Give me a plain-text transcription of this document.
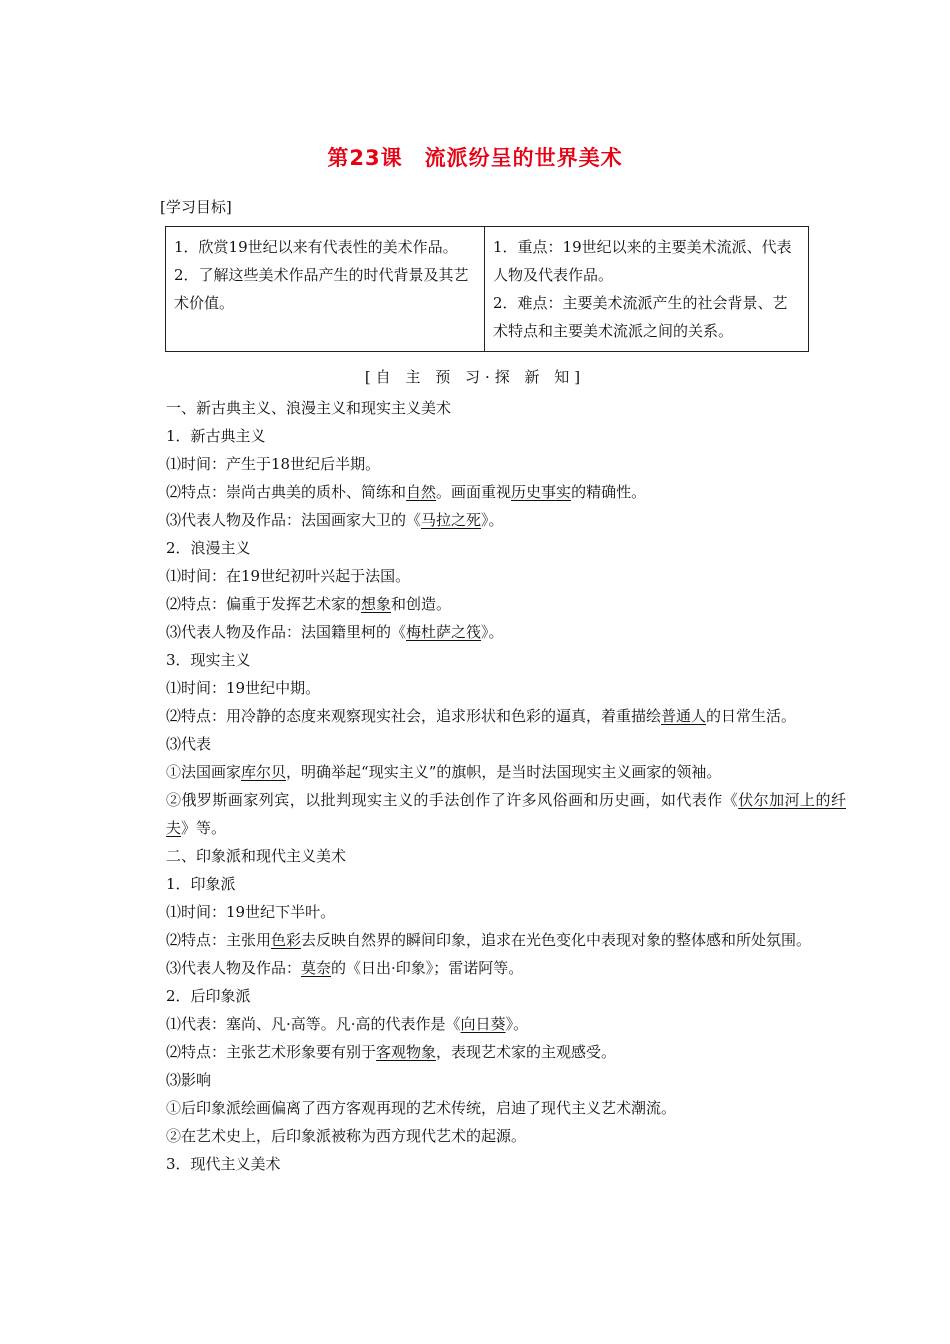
第23课 流派纷呈的世界美术
[学习目标]
1．欣赏19世纪以来有代表性的美术作品。
2．了解这些美术作品产生的时代背景及其艺术价值。

1．重点：19世纪以来的主要美术流派、代表人物及代表作品。
2．难点：主要美术流派产生的社会背景、艺术特点和主要美术流派之间的关系。
[自 主 预 习·探 新 知]

一、新古典主义、浪漫主义和现实主义美术

1．新古典主义

⑴时间：产生于18世纪后半期。

⑵特点：崇尚古典美的质朴、简练和自然。画面重视历史事实的精确性。

⑶代表人物及作品：法国画家大卫的《马拉之死》。

2．浪漫主义

⑴时间：在19世纪初叶兴起于法国。

⑵特点：偏重于发挥艺术家的想象和创造。

⑶代表人物及作品：法国籍里柯的《梅杜萨之筏》。

3．现实主义

⑴时间：19世纪中期。

⑵特点：用冷静的态度来观察现实社会，追求形状和色彩的逼真，着重描绘普通人的日常生活。

⑶代表

①法国画家库尔贝，明确举起“现实主义”的旗帜，是当时法国现实主义画家的领袖。

②俄罗斯画家列宾，以批判现实主义的手法创作了许多风俗画和历史画，如代表作《伏尔加河上的纤夫》等。

二、印象派和现代主义美术

1．印象派

⑴时间：19世纪下半叶。

⑵特点：主张用色彩去反映自然界的瞬间印象，追求在光色变化中表现对象的整体感和所处氛围。

⑶代表人物及作品：莫奈的《日出·印象》；雷诺阿等。

2．后印象派

⑴代表：塞尚、凡·高等。凡·高的代表作是《向日葵》。

⑵特点：主张艺术形象要有别于客观物象，表现艺术家的主观感受。

⑶影响

①后印象派绘画偏离了西方客观再现的艺术传统，启迪了现代主义艺术潮流。

②在艺术史上，后印象派被称为西方现代艺术的起源。

3．现代主义美术
